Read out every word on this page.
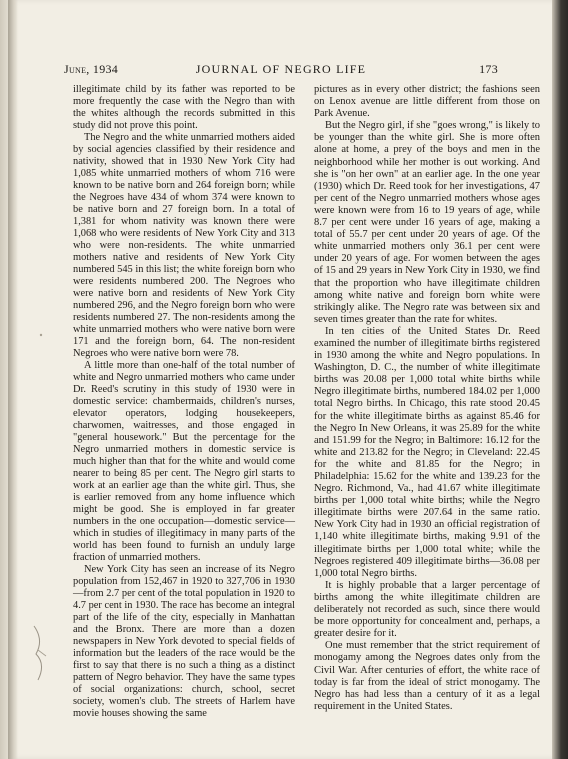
June, 1934	JOURNAL OF NEGRO LIFE	173

illegitimate child by its father was reported to be more frequently the case with the Negro than with the whites although the records submitted in this study did not prove this point.

The Negro and the white unmarried mothers aided by social agencies classified by their residence and nativity, showed that in 1930 New York City had 1,085 white unmarried mothers of whom 716 were known to be native born and 264 foreign born; while the Negroes have 434 of whom 374 were known to be native born and 27 foreign born. In a total of 1,381 for whom nativity was known there were 1,068 who were residents of New York City and 313 who were non-residents. The white unmarried mothers native and residents of New York City numbered 545 in this list; the white foreign born who were residents numbered 200. The Negroes who were native born and residents of New York City numbered 296, and the Negro foreign born who were residents numbered 27. The non-residents among the white unmarried mothers who were native born were 171 and the foreign born, 64. The non-resident Negroes who were native born were 78.

A little more than one-half of the total number of white and Negro unmarried mothers who came under Dr. Reed's scrutiny in this study of 1930 were in domestic service: chambermaids, children's nurses, elevator operators, lodging housekeepers, charwomen, waitresses, and those engaged in "general housework." But the percentage for the Negro unmarried mothers in domestic service is much higher than that for the white and would come nearer to being 85 per cent. The Negro girl starts to work at an earlier age than the white girl. Thus, she is earlier removed from any home influence which might be good. She is employed in far greater numbers in the one occupation—domestic service—which in studies of illegitimacy in many parts of the world has been found to furnish an unduly large fraction of unmarried mothers.

New York City has seen an increase of its Negro population from 152,467 in 1920 to 327,706 in 1930—from 2.7 per cent of the total population in 1920 to 4.7 per cent in 1930. The race has become an integral part of the life of the city, especially in Manhattan and the Bronx. There are more than a dozen newspapers in New York devoted to special fields of information but the leaders of the race would be the first to say that there is no such a thing as a distinct pattern of Negro behavior. They have the same types of social organizations: church, school, secret society, women's club. The streets of Harlem have movie houses showing the same

pictures as in every other district; the fashions seen on Lenox avenue are little different from those on Park Avenue.

But the Negro girl, if she "goes wrong," is likely to be younger than the white girl. She is more often alone at home, a prey of the boys and men in the neighborhood while her mother is out working. And she is "on her own" at an earlier age. In the one year (1930) which Dr. Reed took for her investigations, 47 per cent of the Negro unmarried mothers whose ages were known were from 16 to 19 years of age, while 8.7 per cent were under 16 years of age, making a total of 55.7 per cent under 20 years of age. Of the white unmarried mothers only 36.1 per cent were under 20 years of age. For women between the ages of 15 and 29 years in New York City in 1930, we find that the proportion who have illegitimate children among white native and foreign born white were strikingly alike. The Negro rate was between six and seven times greater than the rate for whites.

In ten cities of the United States Dr. Reed examined the number of illegitimate births registered in 1930 among the white and Negro populations. In Washington, D. C., the number of white illegitimate births was 20.08 per 1,000 total white births while Negro illegitimate births, numbered 184.02 per 1,000 total Negro births. In Chicago, this rate stood 20.45 for the white illegitimate births as against 85.46 for the Negro In New Orleans, it was 25.89 for the white and 151.99 for the Negro; in Baltimore: 16.12 for the white and 213.82 for the Negro; in Cleveland: 22.45 for the white and 81.85 for the Negro; in Philadelphia: 15.62 for the white and 139.23 for the Negro. Richmond, Va., had 41.67 white illegitimate births per 1,000 total white births; while the Negro illegitimate births were 207.64 in the same ratio. New York City had in 1930 an official registration of 1,140 white illegitimate births, making 9.91 of the illegitimate births per 1,000 total white; while the Negroes registered 409 illegitimate births—36.08 per 1,000 total Negro births.

It is highly probable that a larger percentage of births among the white illegitimate children are deliberately not recorded as such, since there would be more opportunity for concealment and, perhaps, a greater desire for it.

One must remember that the strict requirement of monogamy among the Negroes dates only from the Civil War. After centuries of effort, the white race of today is far from the ideal of strict monogamy. The Negro has had less than a century of it as a legal requirement in the United States.
